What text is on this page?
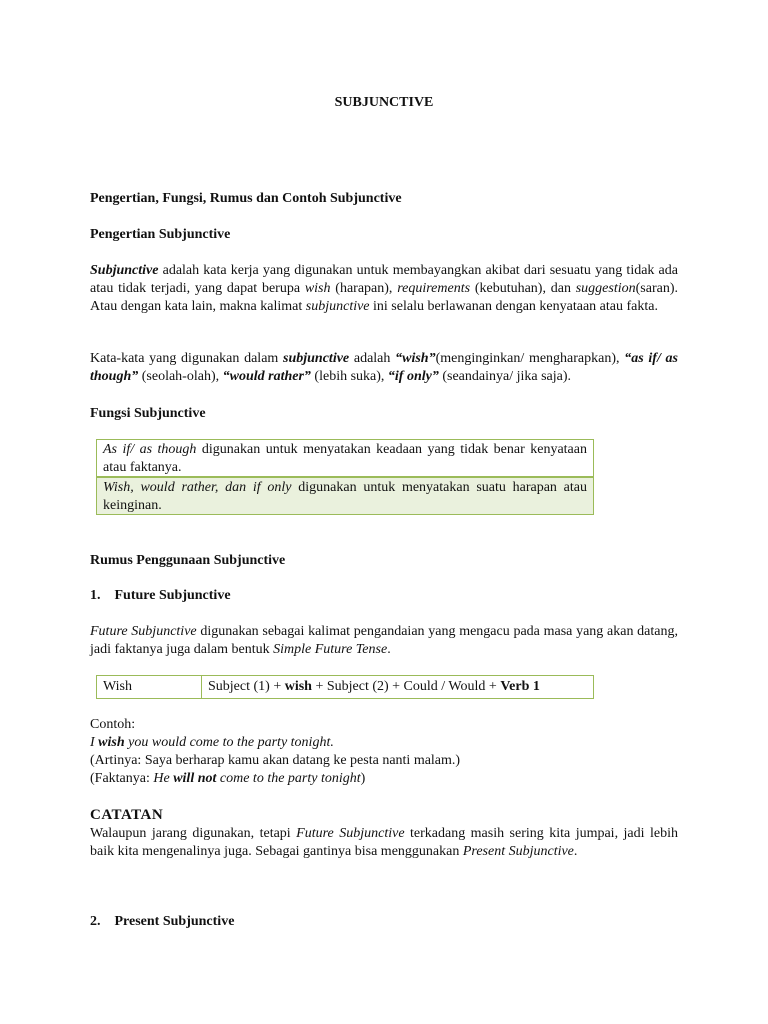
SUBJUNCTIVE
Pengertian, Fungsi, Rumus dan Contoh Subjunctive
Pengertian Subjunctive
Subjunctive adalah kata kerja yang digunakan untuk membayangkan akibat dari sesuatu yang tidak ada atau tidak terjadi, yang dapat berupa wish (harapan), requirements (kebutuhan), dan suggestion(saran). Atau dengan kata lain, makna kalimat subjunctive ini selalu berlawanan dengan kenyataan atau fakta.
Kata-kata yang digunakan dalam subjunctive adalah “wish”(menginginkan/ mengharapkan), “as if/ as though” (seolah-olah), “would rather” (lebih suka), “if only” (seandainya/ jika saja).
Fungsi Subjunctive
As if/ as though digunakan untuk menyatakan keadaan yang tidak benar kenyataan atau faktanya.
Wish, would rather, dan if only digunakan untuk menyatakan suatu harapan atau keinginan.
Rumus Penggunaan Subjunctive
1.    Future Subjunctive
Future Subjunctive digunakan sebagai kalimat pengandaian yang mengacu pada masa yang akan datang, jadi faktanya juga dalam bentuk Simple Future Tense.
Wish	Subject (1) + wish + Subject (2) + Could / Would + Verb 1
Contoh:
I wish you would come to the party tonight.
(Artinya: Saya berharap kamu akan datang ke pesta nanti malam.)
(Faktanya: He will not come to the party tonight)
CATATAN
Walaupun jarang digunakan, tetapi Future Subjunctive terkadang masih sering kita jumpai, jadi lebih baik kita mengenalinya juga. Sebagai gantinya bisa menggunakan Present Subjunctive.
2.    Present Subjunctive
